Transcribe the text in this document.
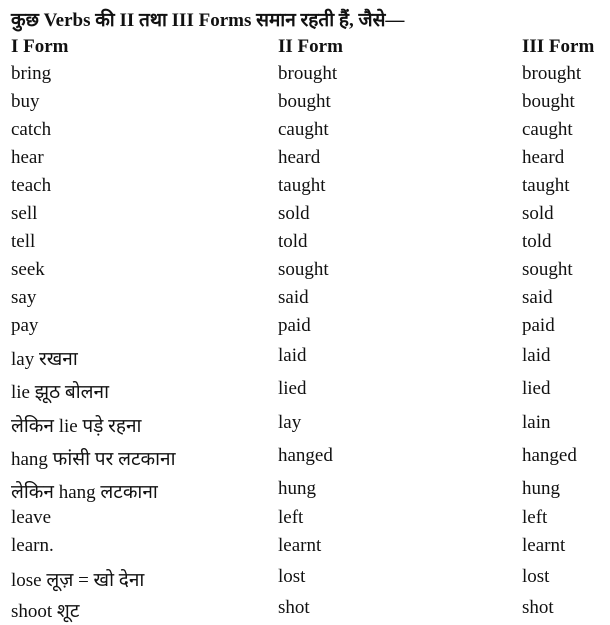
कुछ Verbs की II तथा III Forms समान रहती हैं, जैसे—
I Form	II Form	III Form
bring	brought	brought
buy	bought	bought
catch	caught	caught
hear	heard	heard
teach	taught	taught
sell	sold	sold
tell	told	told
seek	sought	sought
say	said	said
pay	paid	paid
lay रखना	laid	laid
lie झूठ बोलना	lied	lied
लेकिन lie पड़े रहना	lay	lain
hang फांसी पर लटकाना	hanged	hanged
लेकिन hang लटकाना	hung	hung
leave	left	left
learn.	learnt	learnt
lose लूज़ = खो देना	lost	lost
shoot शूट	shot	shot
